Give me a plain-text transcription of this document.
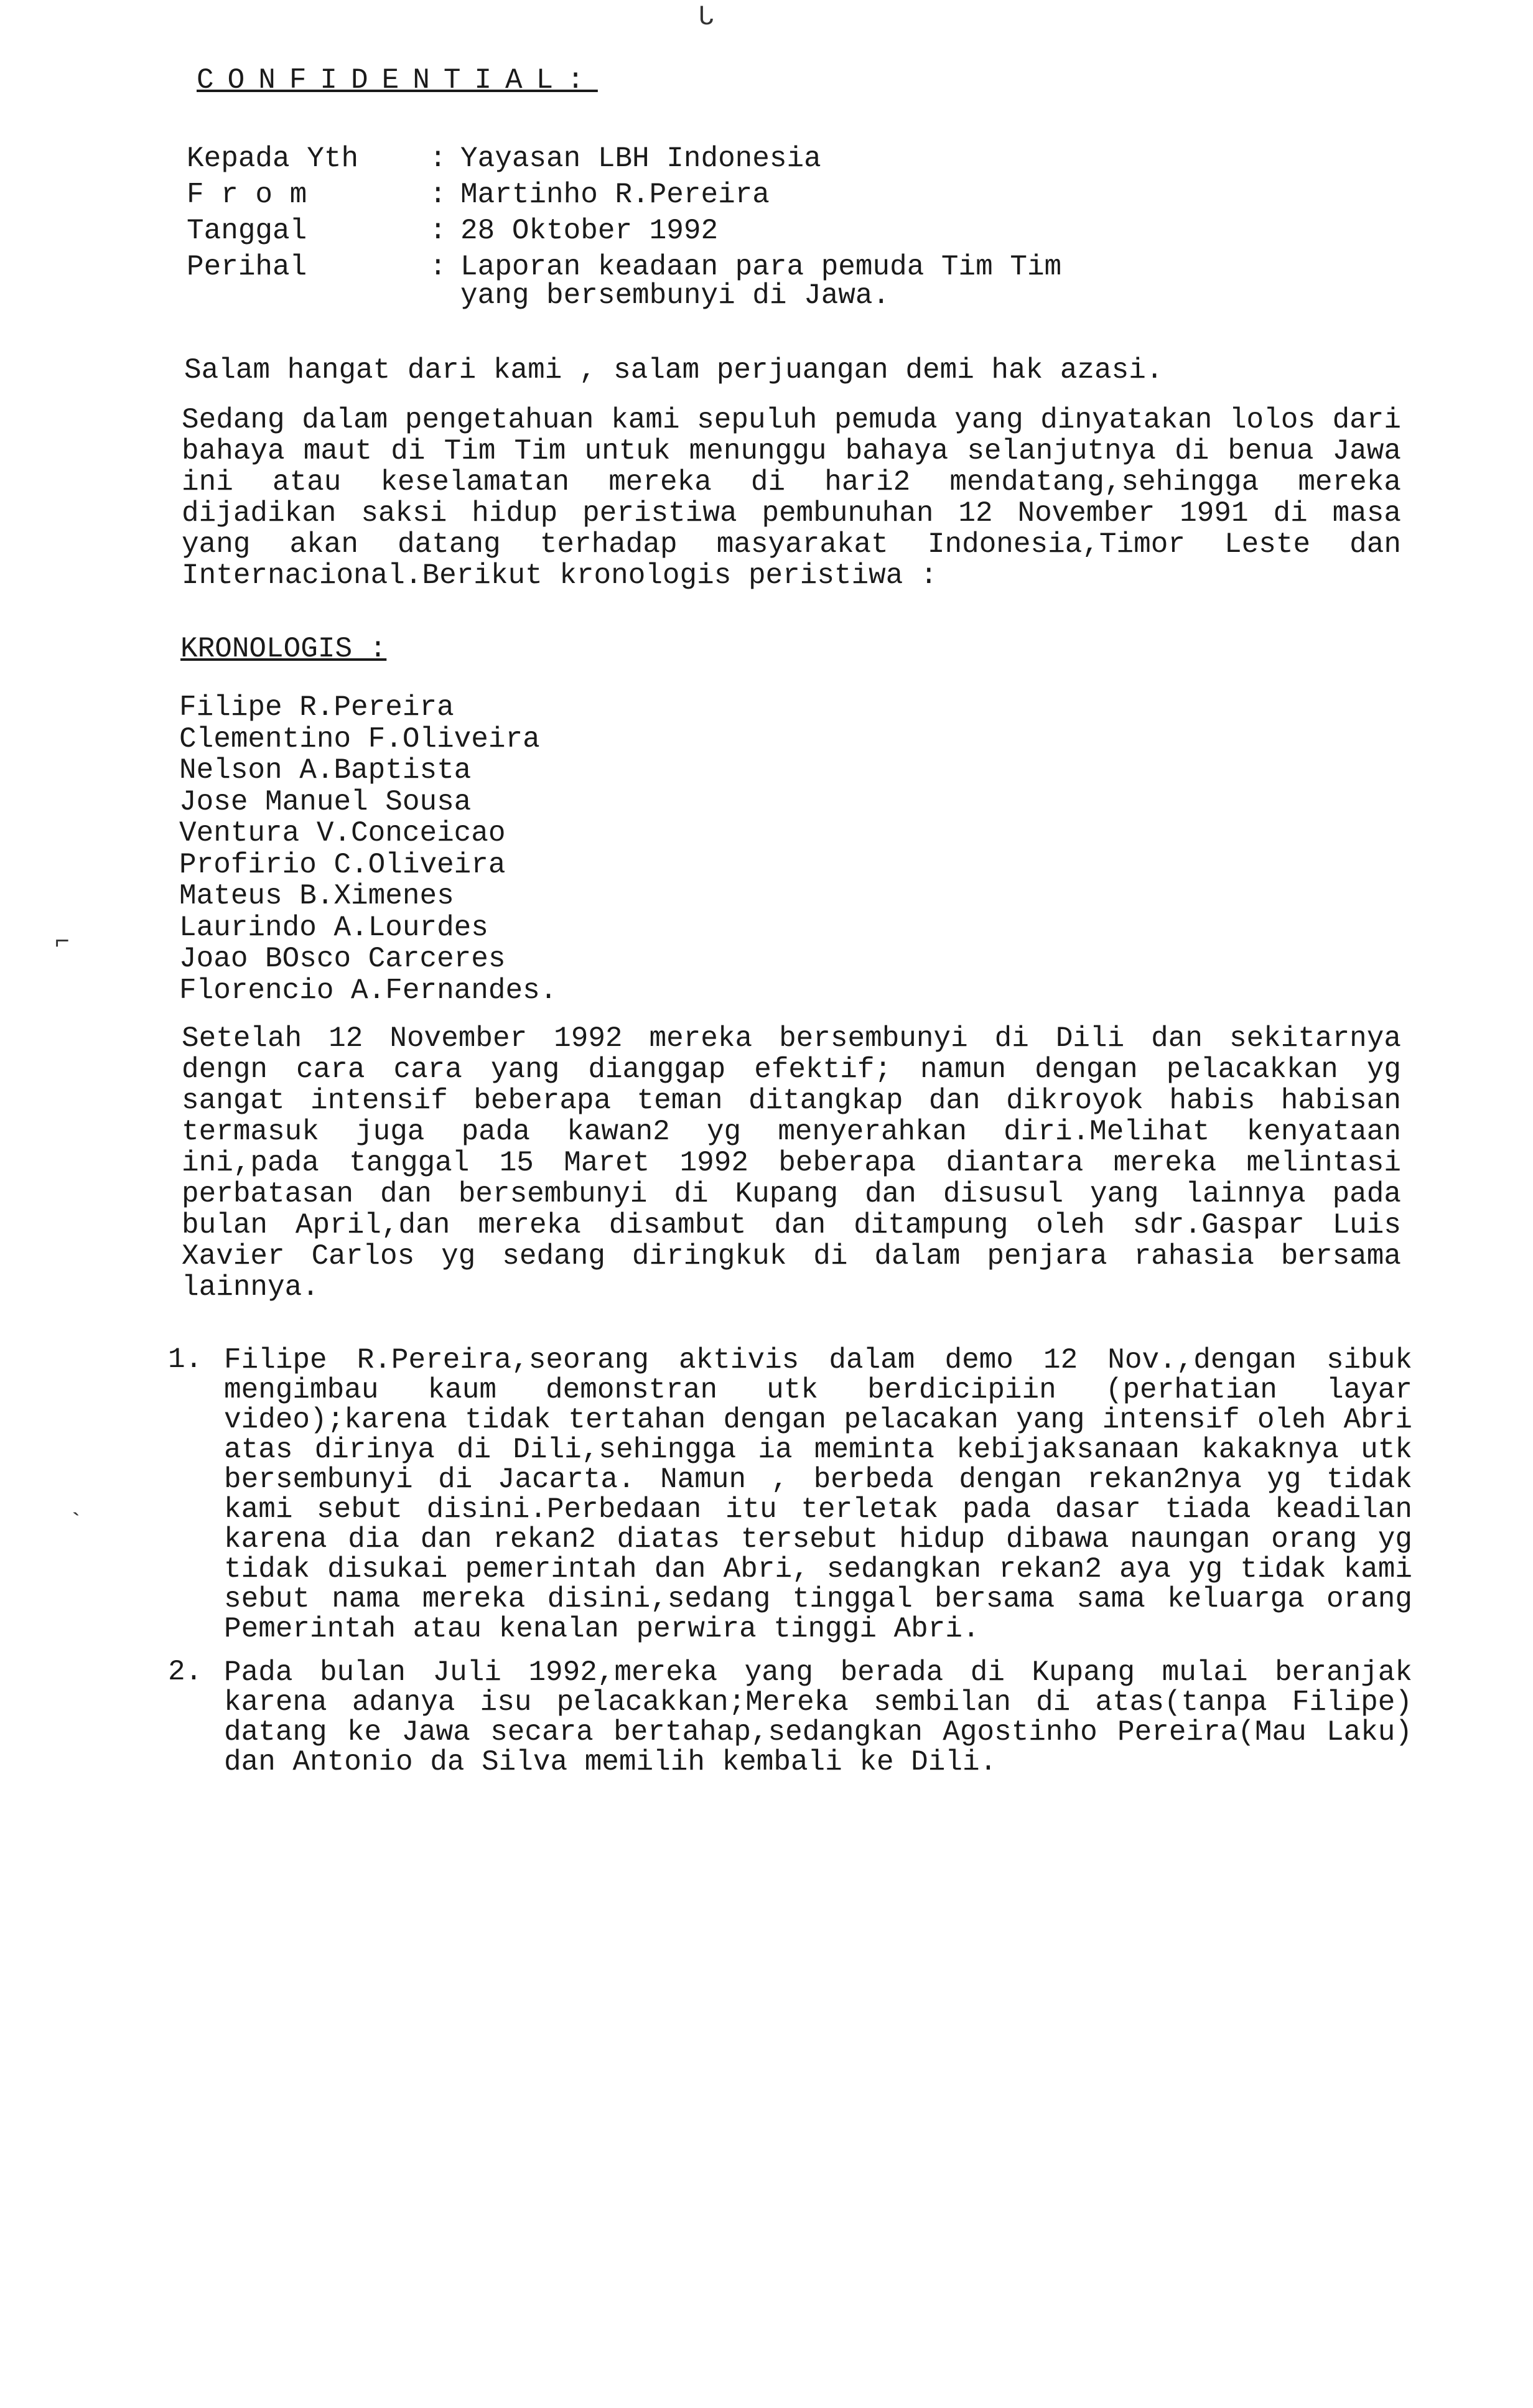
ᒐ
⌐
`
CONFIDENTIAL:
Kepada Yth	: Yayasan LBH Indonesia
F r o m	: Martinho R.Pereira
Tanggal	: 28 Oktober 1992
Perihal	: Laporan keadaan para pemuda Tim Tim
yang bersembunyi di Jawa.
Salam hangat dari kami , salam perjuangan demi hak azasi.
Sedang dalam pengetahuan kami sepuluh pemuda yang dinyatakan lolos dari bahaya maut di Tim Tim untuk menunggu bahaya selanjutnya di benua Jawa ini atau keselamatan mereka di hari2 mendatang,sehingga mereka dijadikan saksi hidup peristiwa pembunuhan 12 November 1991 di masa yang akan datang terhadap masyarakat Indonesia,Timor Leste dan Internacional.Berikut kronologis peristiwa :
KRONOLOGIS :
Filipe R.Pereira
Clementino F.Oliveira
Nelson A.Baptista
Jose Manuel Sousa
Ventura V.Conceicao
Profirio C.Oliveira
Mateus B.Ximenes
Laurindo A.Lourdes
Joao BOsco Carceres
Florencio A.Fernandes.
Setelah 12 November 1992 mereka bersembunyi di Dili dan sekitarnya dengn cara cara yang dianggap efektif; namun dengan pelacakkan yg sangat intensif beberapa teman ditangkap dan dikroyok habis habisan termasuk juga pada kawan2 yg menyerahkan diri.Melihat kenyataan ini,pada tanggal 15 Maret 1992 beberapa diantara mereka melintasi perbatasan dan bersembunyi di Kupang dan disusul yang lainnya pada bulan April,dan mereka disambut dan ditampung oleh sdr.Gaspar Luis Xavier Carlos yg sedang diringkuk di dalam penjara rahasia bersama lainnya.
1. Filipe R.Pereira,seorang aktivis dalam demo 12 Nov.,dengan sibuk mengimbau kaum demonstran utk berdicipiin (perhatian layar video);karena tidak tertahan dengan pelacakan yang intensif oleh Abri atas dirinya di Dili,sehingga ia meminta kebijaksanaan kakaknya utk bersembunyi di Jacarta. Namun , berbeda dengan rekan2nya yg tidak kami sebut disini.Perbedaan itu terletak pada dasar tiada keadilan karena dia dan rekan2 diatas tersebut hidup dibawa naungan orang yg tidak disukai pemerintah dan Abri, sedangkan rekan2 aya yg tidak kami sebut nama mereka disini,sedang tinggal bersama sama keluarga orang Pemerintah atau kenalan perwira tinggi Abri.
2. Pada bulan Juli 1992,mereka yang berada di Kupang mulai beranjak karena adanya isu pelacakkan;Mereka sembilan di atas(tanpa Filipe) datang ke Jawa secara bertahap,sedangkan Agostinho Pereira(Mau Laku) dan Antonio da Silva memilih kembali ke Dili.
